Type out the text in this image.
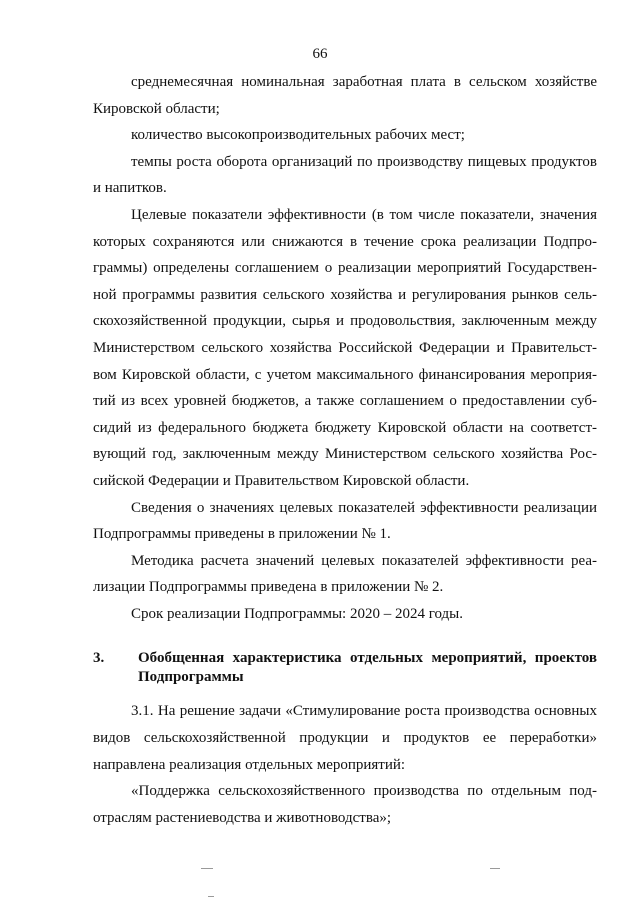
66

среднемесячная номинальная заработная плата в сельском хозяйстве Кировской области;

количество высокопроизводительных рабочих мест;

темпы роста оборота организаций по производству пищевых продуктов и напитков.

Целевые показатели эффективности (в том числе показатели, значения которых сохраняются или снижаются в течение срока реализации Подпрограммы) определены соглашением о реализации мероприятий Государственной программы развития сельского хозяйства и регулирования рынков сельскохозяйственной продукции, сырья и продовольствия, заключенным между Министерством сельского хозяйства Российской Федерации и Правительством Кировской области, с учетом максимального финансирования мероприятий из всех уровней бюджетов, а также соглашением о предоставлении субсидий из федерального бюджета бюджету Кировской области на соответствующий год, заключенным между Министерством сельского хозяйства Российской Федерации и Правительством Кировской области.

Сведения о значениях целевых показателей эффективности реализации Подпрограммы приведены в приложении № 1.

Методика расчета значений целевых показателей эффективности реализации Подпрограммы приведена в приложении № 2.

Срок реализации Подпрограммы: 2020 – 2024 годы.

3. Обобщенная характеристика отдельных мероприятий, проектов Подпрограммы

3.1. На решение задачи «Стимулирование роста производства основных видов сельскохозяйственной продукции и продуктов ее переработки» направлена реализация отдельных мероприятий:

«Поддержка сельскохозяйственного производства по отдельным подотраслям растениеводства и животноводства»;
